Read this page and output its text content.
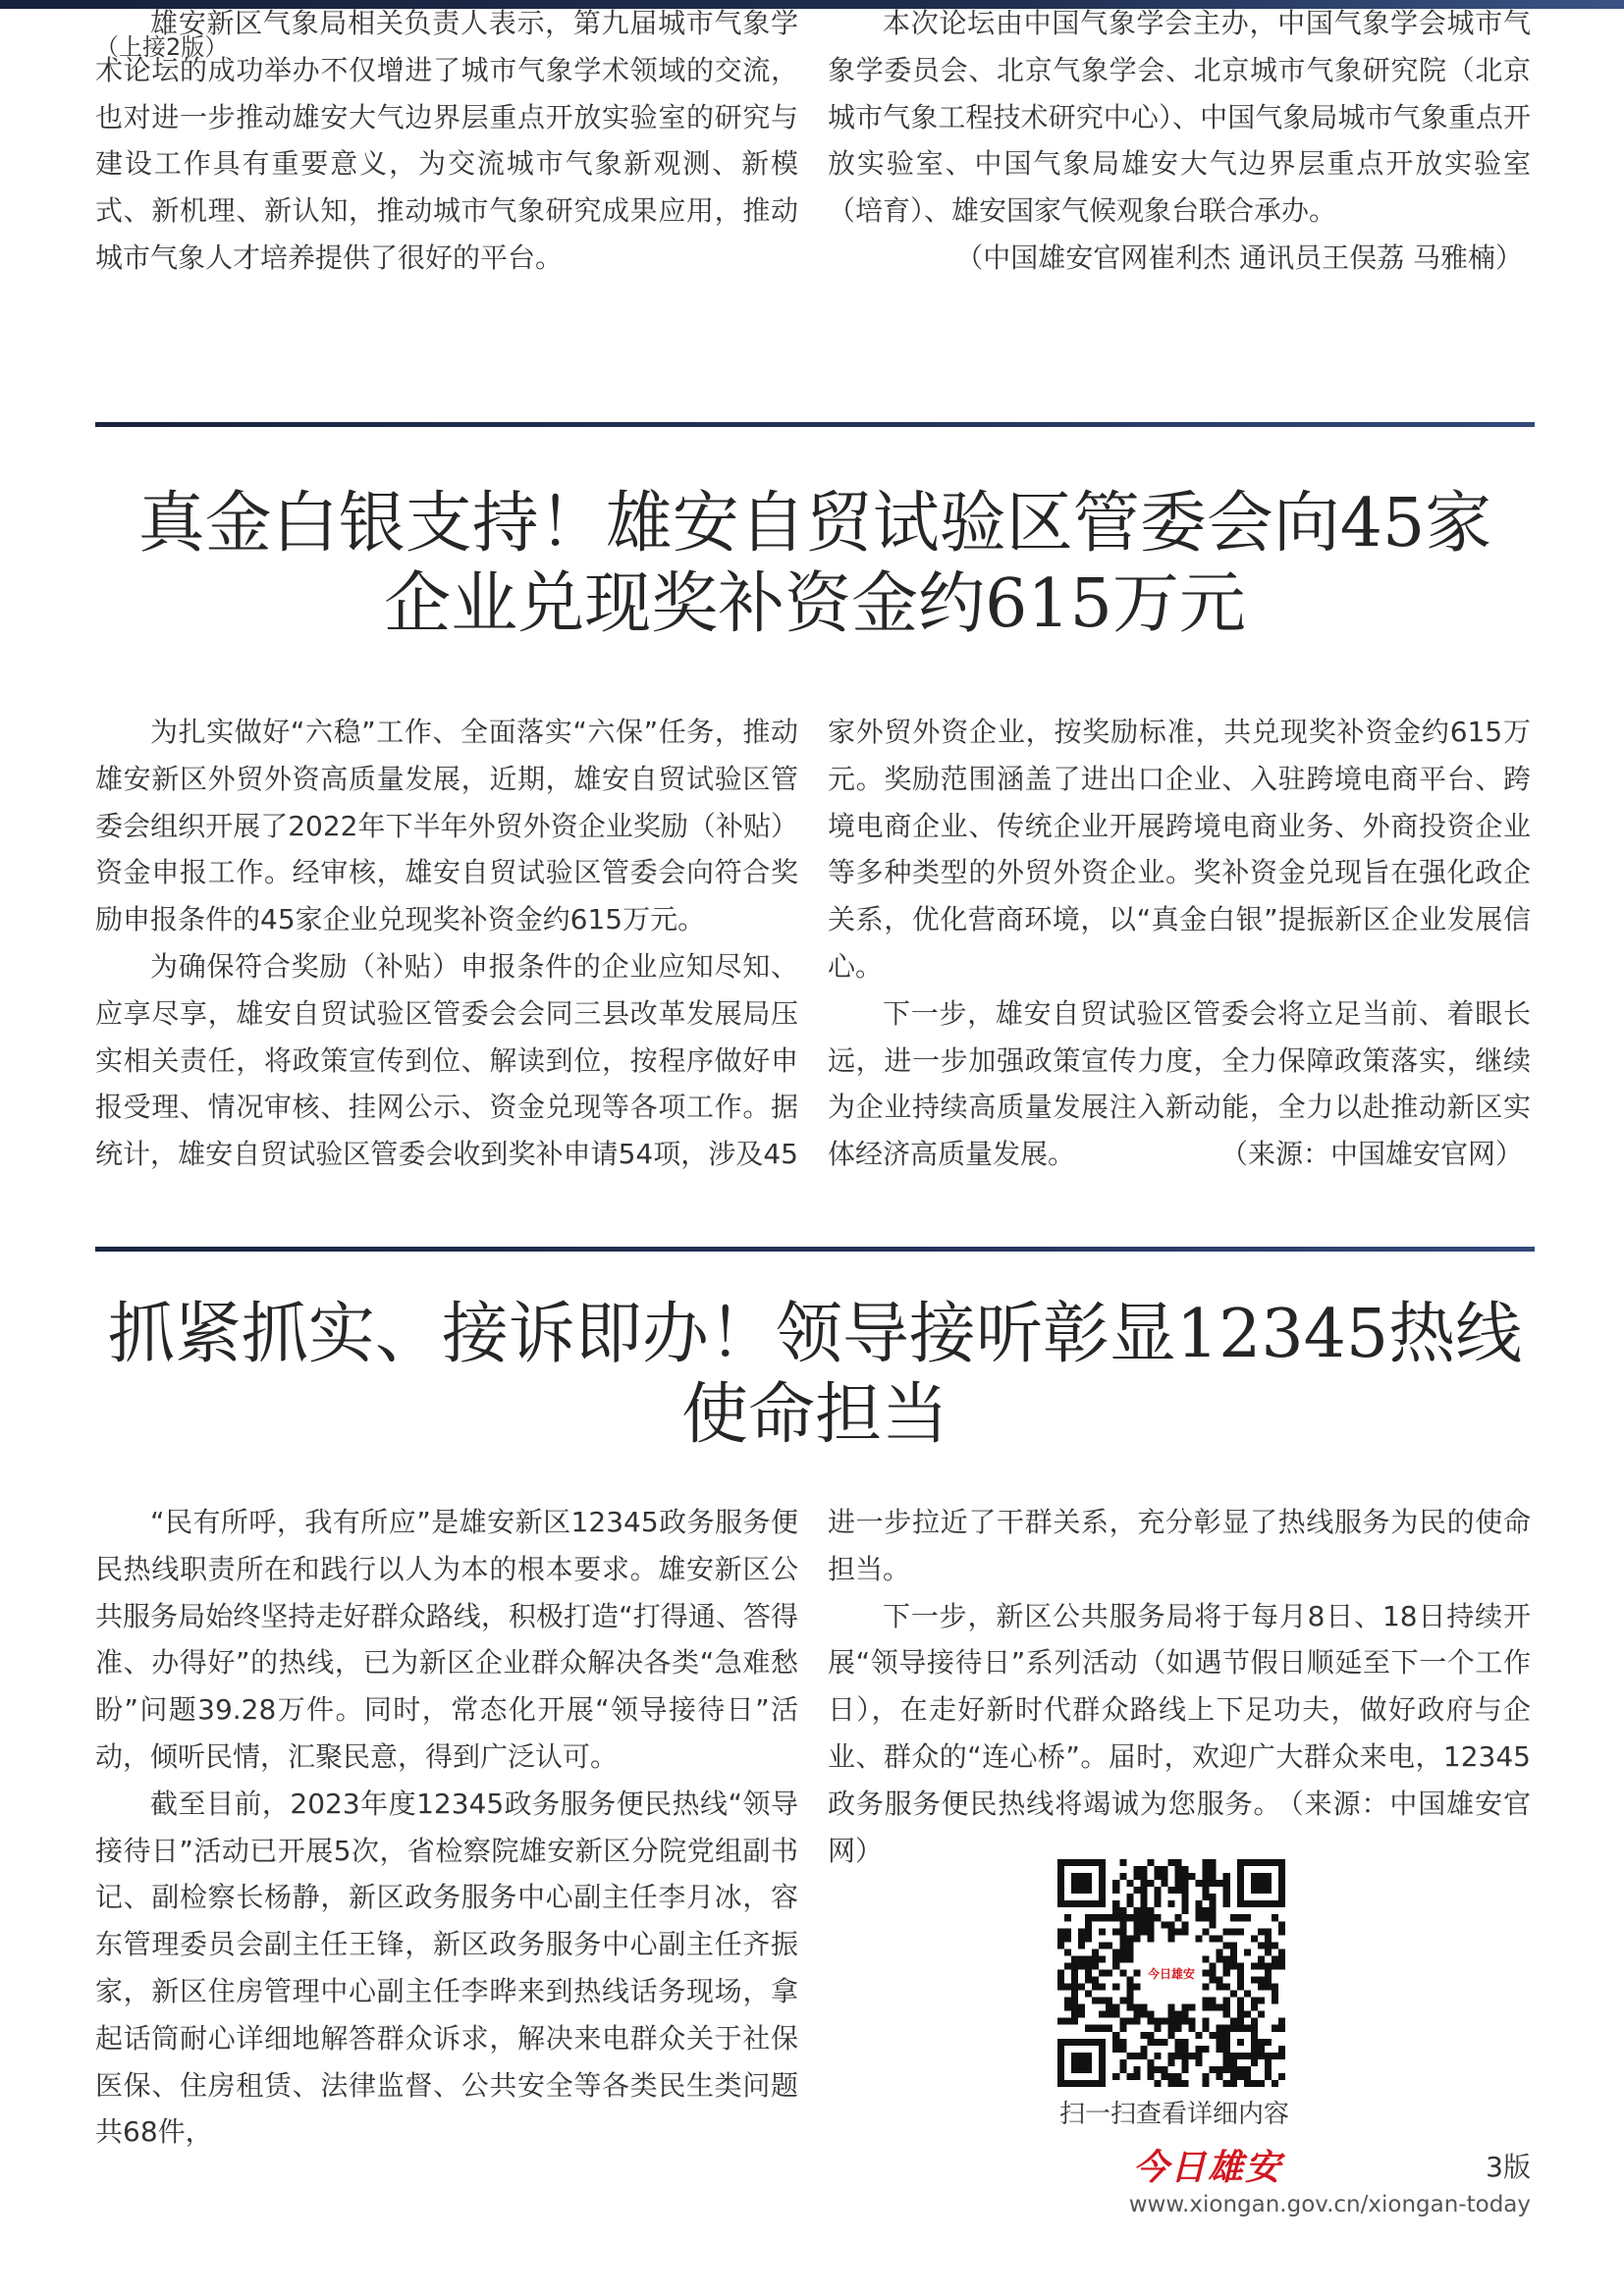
（上接2版）

雄安新区气象局相关负责人表示，第九届城市气象学术论坛的成功举办不仅增进了城市气象学术领域的交流，也对进一步推动雄安大气边界层重点开放实验室的研究与建设工作具有重要意义，为交流城市气象新观测、新模式、新机理、新认知，推动城市气象研究成果应用，推动城市气象人才培养提供了很好的平台。

本次论坛由中国气象学会主办，中国气象学会城市气象学委员会、北京气象学会、北京城市气象研究院（北京城市气象工程技术研究中心）、中国气象局城市气象重点开放实验室、中国气象局雄安大气边界层重点开放实验室（培育）、雄安国家气候观象台联合承办。

（中国雄安官网崔利杰 通讯员王俣荔 马雅楠）

真金白银支持！雄安自贸试验区管委会向45家
企业兑现奖补资金约615万元

为扎实做好“六稳”工作、全面落实“六保”任务，推动雄安新区外贸外资高质量发展，近期，雄安自贸试验区管委会组织开展了2022年下半年外贸外资企业奖励（补贴）资金申报工作。经审核，雄安自贸试验区管委会向符合奖励申报条件的45家企业兑现奖补资金约615万元。

为确保符合奖励（补贴）申报条件的企业应知尽知、应享尽享，雄安自贸试验区管委会会同三县改革发展局压实相关责任，将政策宣传到位、解读到位，按程序做好申报受理、情况审核、挂网公示、资金兑现等各项工作。据统计，雄安自贸试验区管委会收到奖补申请54项，涉及45

家外贸外资企业，按奖励标准，共兑现奖补资金约615万元。奖励范围涵盖了进出口企业、入驻跨境电商平台、跨境电商企业、传统企业开展跨境电商业务、外商投资企业等多种类型的外贸外资企业。奖补资金兑现旨在强化政企关系，优化营商环境，以“真金白银”提振新区企业发展信心。

下一步，雄安自贸试验区管委会将立足当前、着眼长远，进一步加强政策宣传力度，全力保障政策落实，继续为企业持续高质量发展注入新动能，全力以赴推动新区实体经济高质量发展。	（来源：中国雄安官网）

抓紧抓实、接诉即办！领导接听彰显12345热线
使命担当

“民有所呼，我有所应”是雄安新区12345政务服务便民热线职责所在和践行以人为本的根本要求。雄安新区公共服务局始终坚持走好群众路线，积极打造“打得通、答得准、办得好”的热线，已为新区企业群众解决各类“急难愁盼”问题39.28万件。同时，常态化开展“领导接待日”活动，倾听民情，汇聚民意，得到广泛认可。

截至目前，2023年度12345政务服务便民热线“领导接待日”活动已开展5次，省检察院雄安新区分院党组副书记、副检察长杨静，新区政务服务中心副主任李月冰，容东管理委员会副主任王锋，新区政务服务中心副主任齐振家，新区住房管理中心副主任李晔来到热线话务现场，拿起话筒耐心详细地解答群众诉求，解决来电群众关于社保医保、住房租赁、法律监督、公共安全等各类民生类问题共68件，

进一步拉近了干群关系，充分彰显了热线服务为民的使命担当。

下一步，新区公共服务局将于每月8日、18日持续开展“领导接待日”系列活动（如遇节假日顺延至下一个工作日），在走好新时代群众路线上下足功夫，做好政府与企业、群众的“连心桥”。届时，欢迎广大群众来电，12345政务服务便民热线将竭诚为您服务。 （来源：中国雄安官网）

今日雄安
扫一扫查看详细内容
今日雄安	3版
www.xiongan.gov.cn/xiongan-today
